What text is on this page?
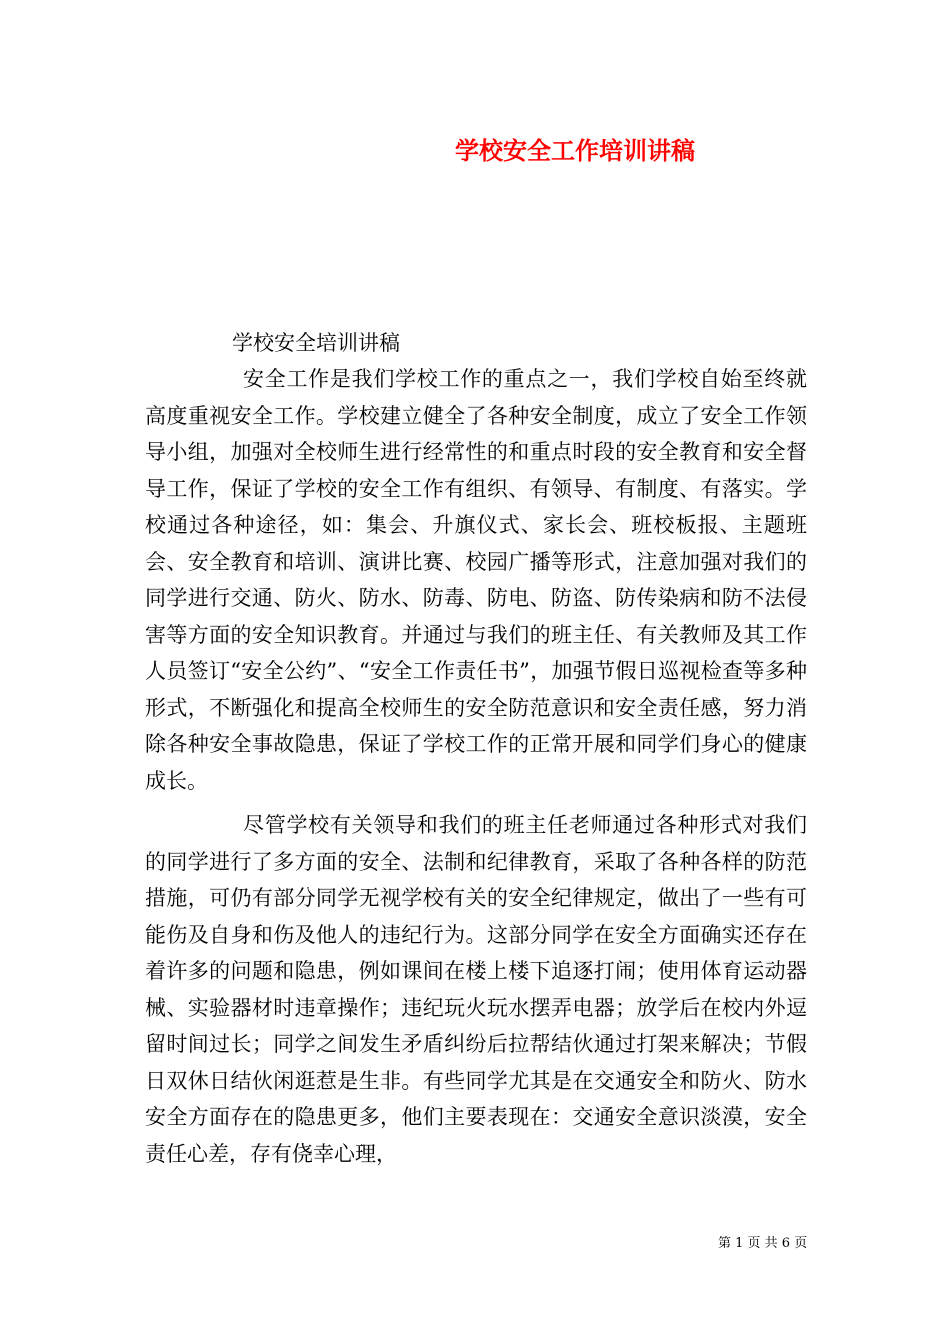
学校安全工作培训讲稿
学校安全培训讲稿

安全工作是我们学校工作的重点之一，我们学校自始至终就高度重视安全工作。学校建立健全了各种安全制度，成立了安全工作领导小组，加强对全校师生进行经常性的和重点时段的安全教育和安全督导工作，保证了学校的安全工作有组织、有领导、有制度、有落实。学校通过各种途径，如：集会、升旗仪式、家长会、班校板报、主题班会、安全教育和培训、演讲比赛、校园广播等形式，注意加强对我们的同学进行交通、防火、防水、防毒、防电、防盗、防传染病和防不法侵害等方面的安全知识教育。并通过与我们的班主任、有关教师及其工作人员签订“安全公约”、“安全工作责任书”，加强节假日巡视检查等多种形式，不断强化和提高全校师生的安全防范意识和安全责任感，努力消除各种安全事故隐患，保证了学校工作的正常开展和同学们身心的健康成长。

尽管学校有关领导和我们的班主任老师通过各种形式对我们的同学进行了多方面的安全、法制和纪律教育，采取了各种各样的防范措施，可仍有部分同学无视学校有关的安全纪律规定，做出了一些有可能伤及自身和伤及他人的违纪行为。这部分同学在安全方面确实还存在着许多的问题和隐患，例如课间在楼上楼下追逐打闹；使用体育运动器械、实验器材时违章操作；违纪玩火玩水摆弄电器；放学后在校内外逗留时间过长；同学之间发生矛盾纠纷后拉帮结伙通过打架来解决；节假日双休日结伙闲逛惹是生非。有些同学尤其是在交通安全和防火、防水安全方面存在的隐患更多，他们主要表现在：交通安全意识淡漠，安全责任心差，存有侥幸心理，

第 1 页 共 6 页
